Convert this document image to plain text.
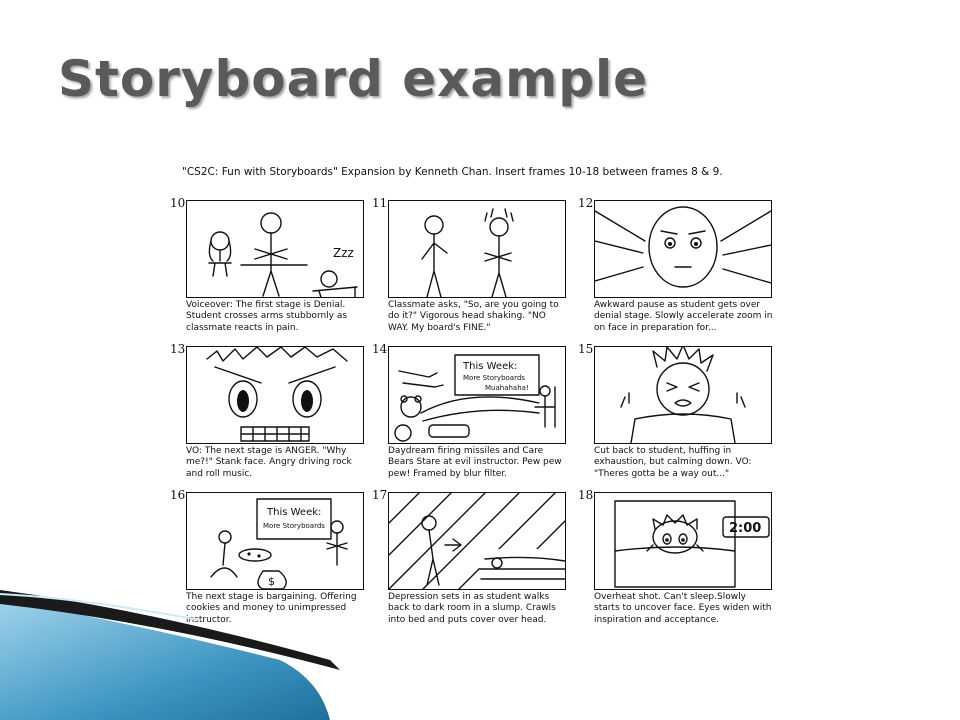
Storyboard example

"CS2C: Fun with Storyboards" Expansion by Kenneth Chan. Insert frames 10-18 between frames 8 & 9.

10

Zzz

Voiceover: The first stage is Denial. Student crosses arms stubbornly as classmate reacts in pain.

11

Classmate asks, "So, are you going to do it?" Vigorous head shaking. "NO WAY. My board's FINE."

12

Awkward pause as student gets over denial stage. Slowly accelerate zoom in on face in preparation for...

13

VO: The next stage is ANGER. "Why me?!" Stank face. Angry driving rock and roll music.

14

This Week:
More Storyboards
Muahahaha!

Daydream firing missiles and Care Bears Stare at evil instructor. Pew pew pew! Framed by blur filter.

15

Cut back to student, huffing in exhaustion, but calming down. VO: "Theres gotta be a way out..."

16

This Week:
More Storyboards
$

The next stage is bargaining. Offering cookies and money to unimpressed instructor.

17

Depression sets in as student walks back to dark room in a slump. Crawls into bed and puts cover over head.

18

2:00

Overheat shot. Can't sleep.Slowly starts to uncover face. Eyes widen with inspiration and acceptance.
